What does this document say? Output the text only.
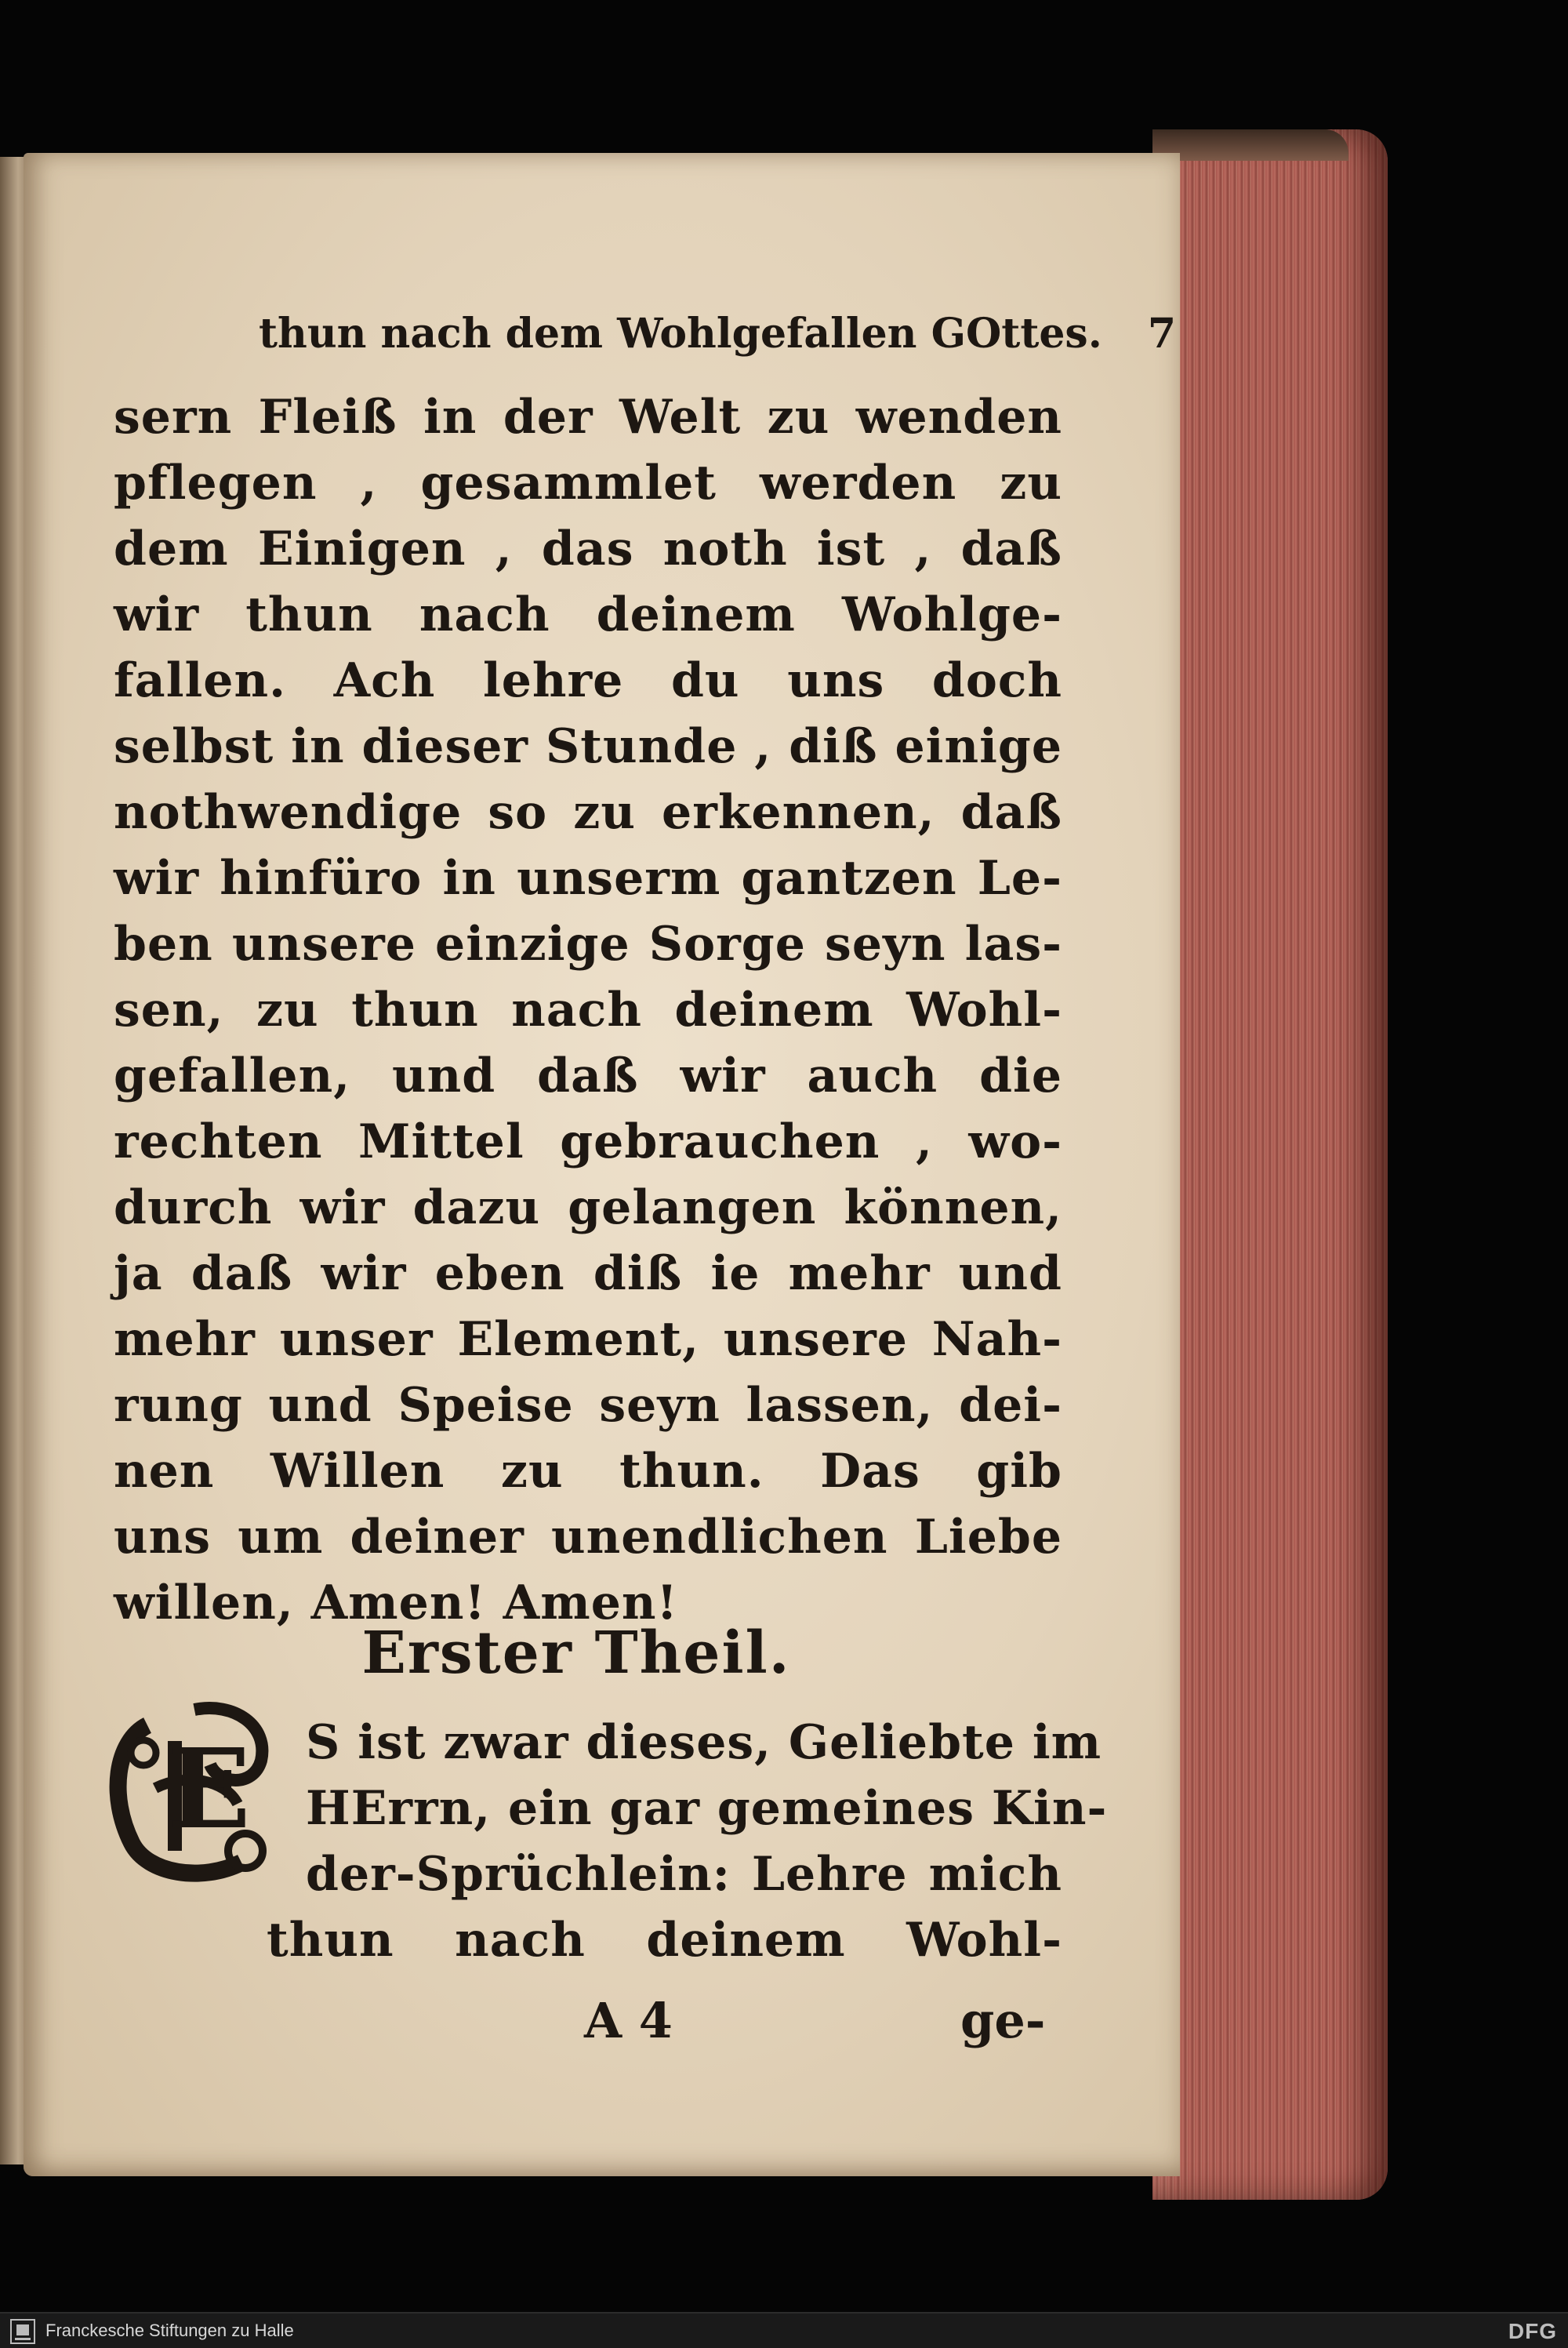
thun nach dem Wohlgefallen GOttes. 7
sern Fleiß in der Welt zu wenden
pflegen , gesammlet werden zu
dem Einigen , das noth ist , daß
wir thun nach deinem Wohlge-
fallen. Ach lehre du uns doch
selbst in dieser Stunde , diß einige
nothwendige so zu erkennen, daß
wir hinfüro in unserm gantzen Le-
ben unsere einzige Sorge seyn las-
sen, zu thun nach deinem Wohl-
gefallen, und daß wir auch die
rechten Mittel gebrauchen , wo-
durch wir dazu gelangen können,
ja daß wir eben diß ie mehr und
mehr unser Element, unsere Nah-
rung und Speise seyn lassen, dei-
nen Willen zu thun. Das gib
uns um deiner unendlichen Liebe
willen, Amen! Amen!
Erster Theil.
E S ist zwar dieses, Geliebte im
HErrn, ein gar gemeines Kin-
der-Sprüchlein: Lehre mich
thun nach deinem Wohl-
A 4	ge-
Franckesche Stiftungen zu Halle	DFG
